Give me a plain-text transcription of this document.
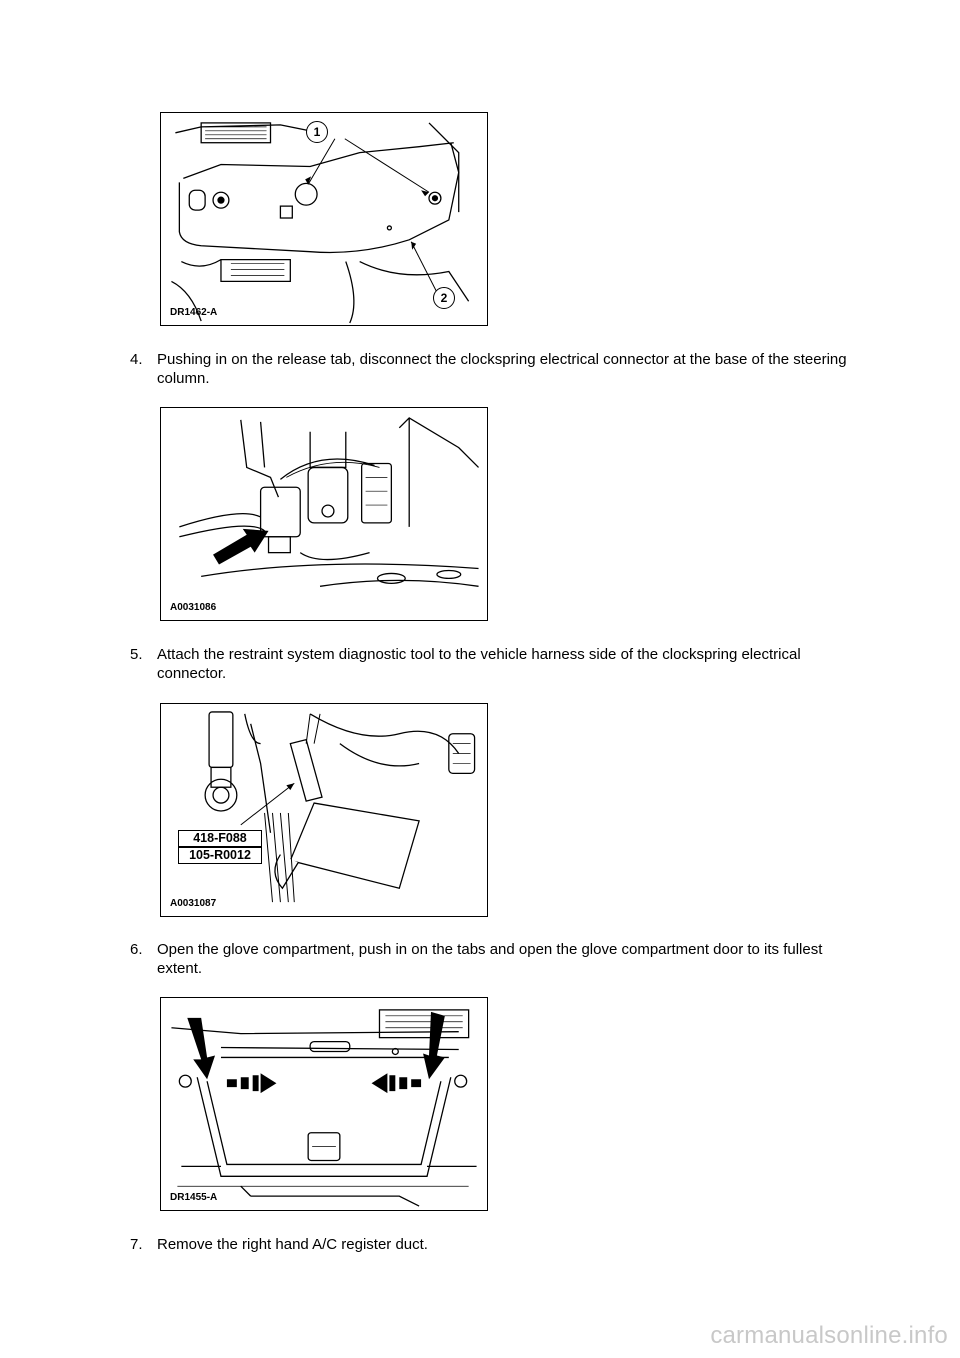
1
2
DR1462-A
4. Pushing in on the release tab, disconnect the clockspring electrical connector at the base of the steering column.
A0031086
5. Attach the restraint system diagnostic tool to the vehicle harness side of the clockspring electrical connector.
418-F088
105-R0012
A0031087
6. Open the glove compartment, push in on the tabs and open the glove compartment door to its fullest extent.
DR1455-A
7. Remove the right hand A/C register duct.
carmanualsonline.info
